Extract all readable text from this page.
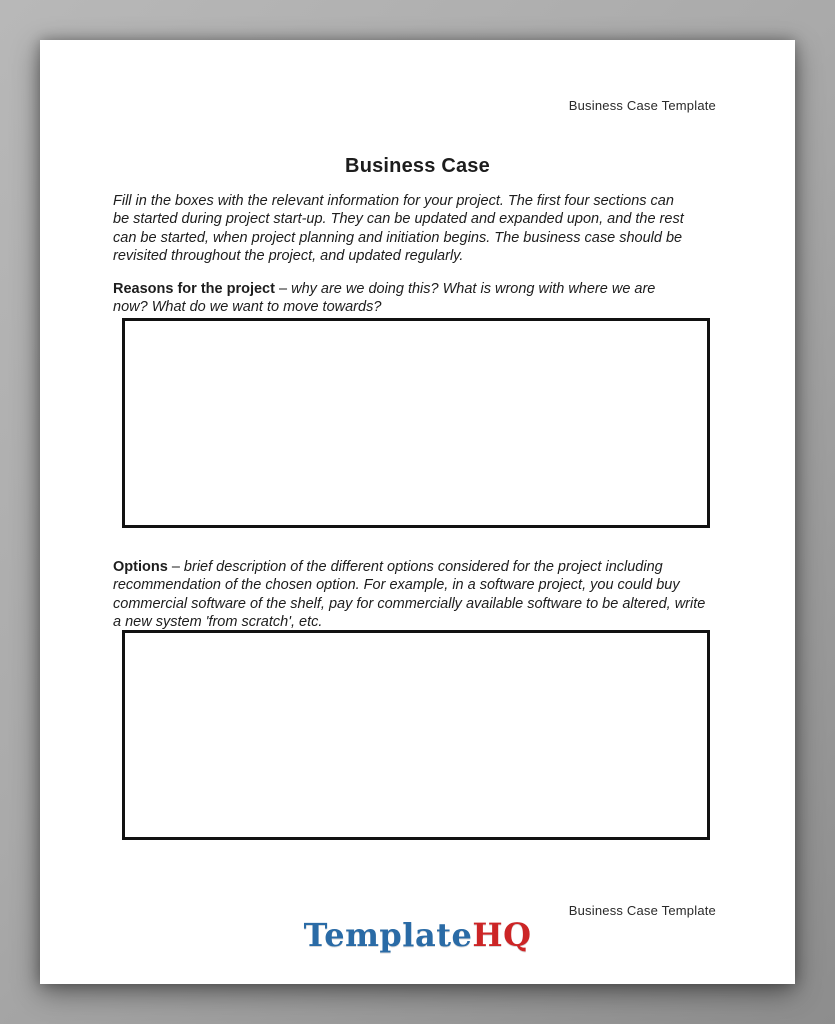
Business Case Template
Business Case

Fill in the boxes with the relevant information for your project. The first four sections can be started during project start-up. They can be updated and expanded upon, and the rest can be started, when project planning and initiation begins. The business case should be revisited throughout the project, and updated regularly.

Reasons for the project – why are we doing this? What is wrong with where we are now? What do we want to move towards?

Options – brief description of the different options considered for the project including recommendation of the chosen option. For example, in a software project, you could buy commercial software of the shelf, pay for commercially available software to be altered, write a new system 'from scratch', etc.

Business Case Template
TemplateHQ
